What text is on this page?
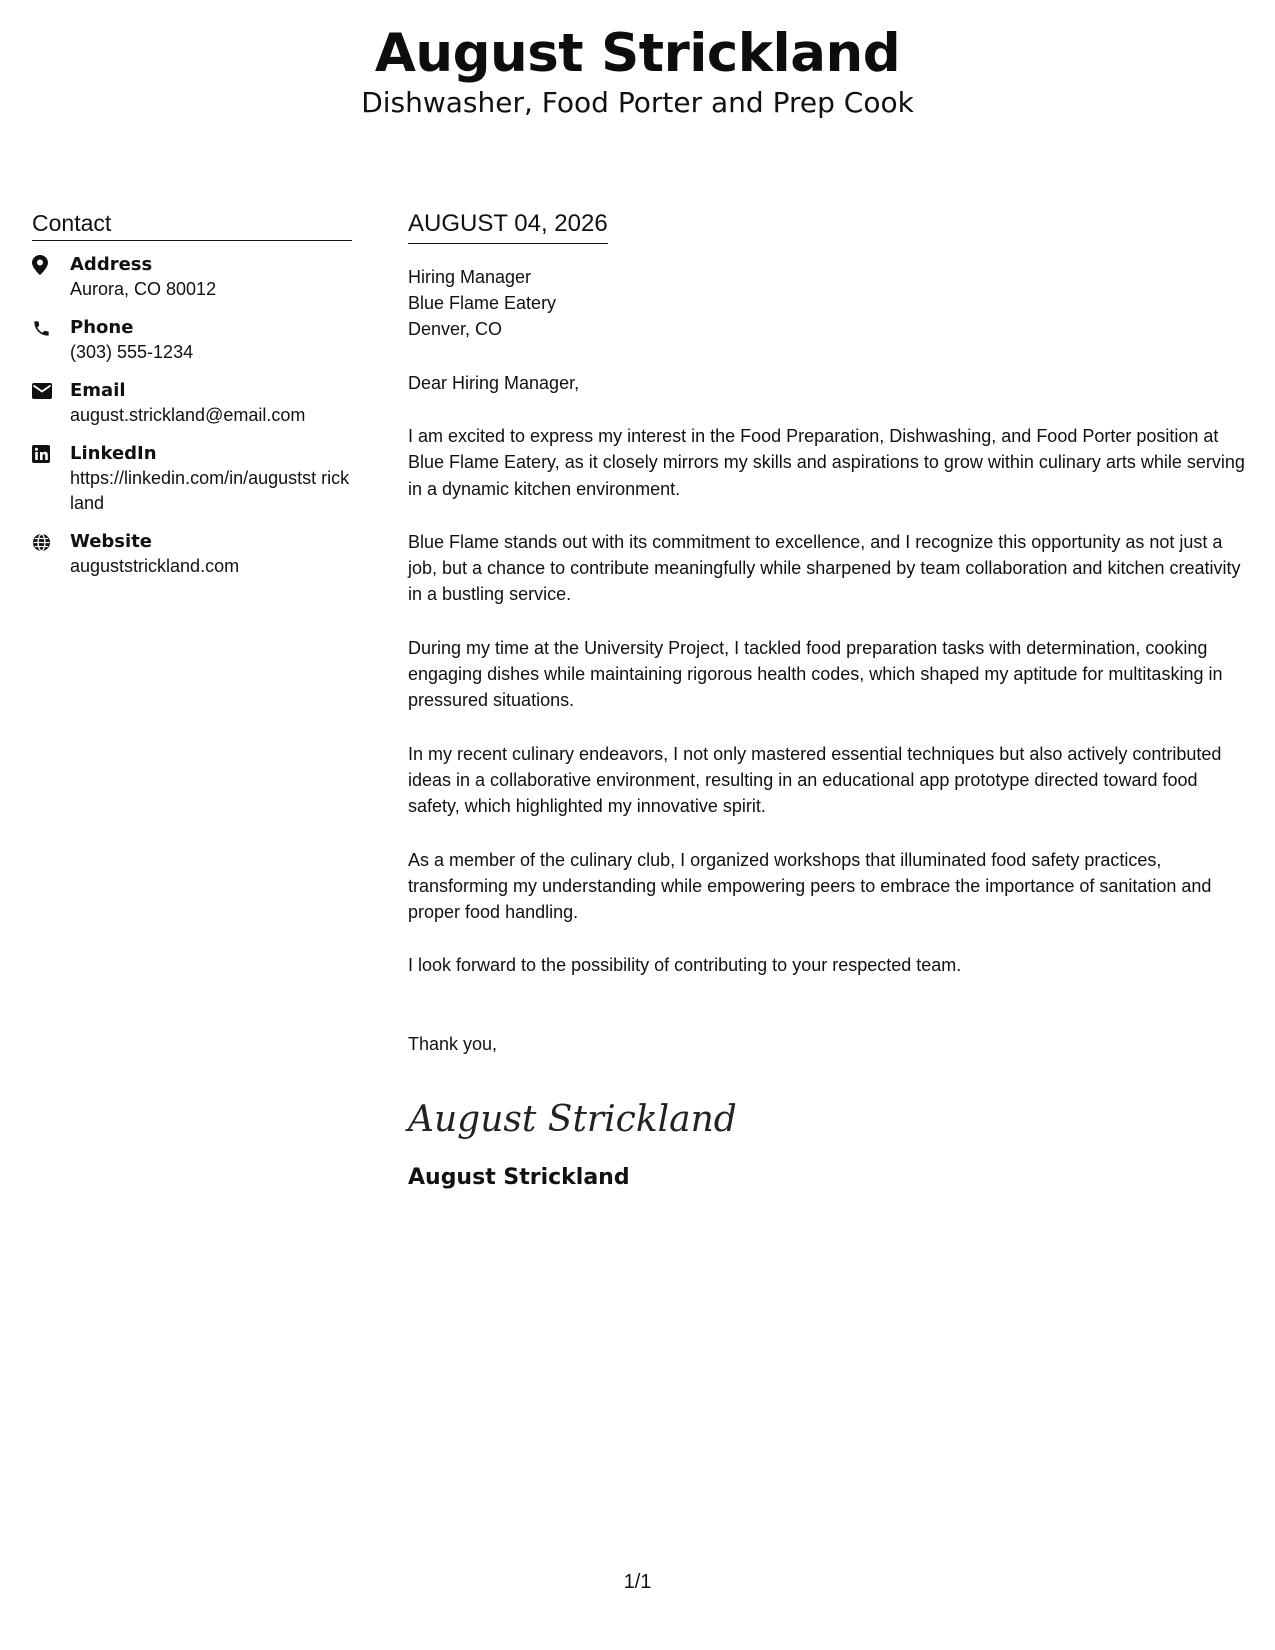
August Strickland
Dishwasher, Food Porter and Prep Cook
Contact
Address
Aurora, CO 80012
Phone
(303) 555-1234
Email
august.strickland@email.com
LinkedIn
https://linkedin.com/in/augustst rickland
Website
auguststrickland.com
AUGUST 04, 2026
Hiring Manager
Blue Flame Eatery
Denver, CO
Dear Hiring Manager,
I am excited to express my interest in the Food Preparation, Dishwashing, and Food Porter position at Blue Flame Eatery, as it closely mirrors my skills and aspirations to grow within culinary arts while serving in a dynamic kitchen environment.
Blue Flame stands out with its commitment to excellence, and I recognize this opportunity as not just a job, but a chance to contribute meaningfully while sharpened by team collaboration and kitchen creativity in a bustling service.
During my time at the University Project, I tackled food preparation tasks with determination, cooking engaging dishes while maintaining rigorous health codes, which shaped my aptitude for multitasking in pressured situations.
In my recent culinary endeavors, I not only mastered essential techniques but also actively contributed ideas in a collaborative environment, resulting in an educational app prototype directed toward food safety, which highlighted my innovative spirit.
As a member of the culinary club, I organized workshops that illuminated food safety practices, transforming my understanding while empowering peers to embrace the importance of sanitation and proper food handling.
I look forward to the possibility of contributing to your respected team.
Thank you,
August Strickland
August Strickland
1/1
